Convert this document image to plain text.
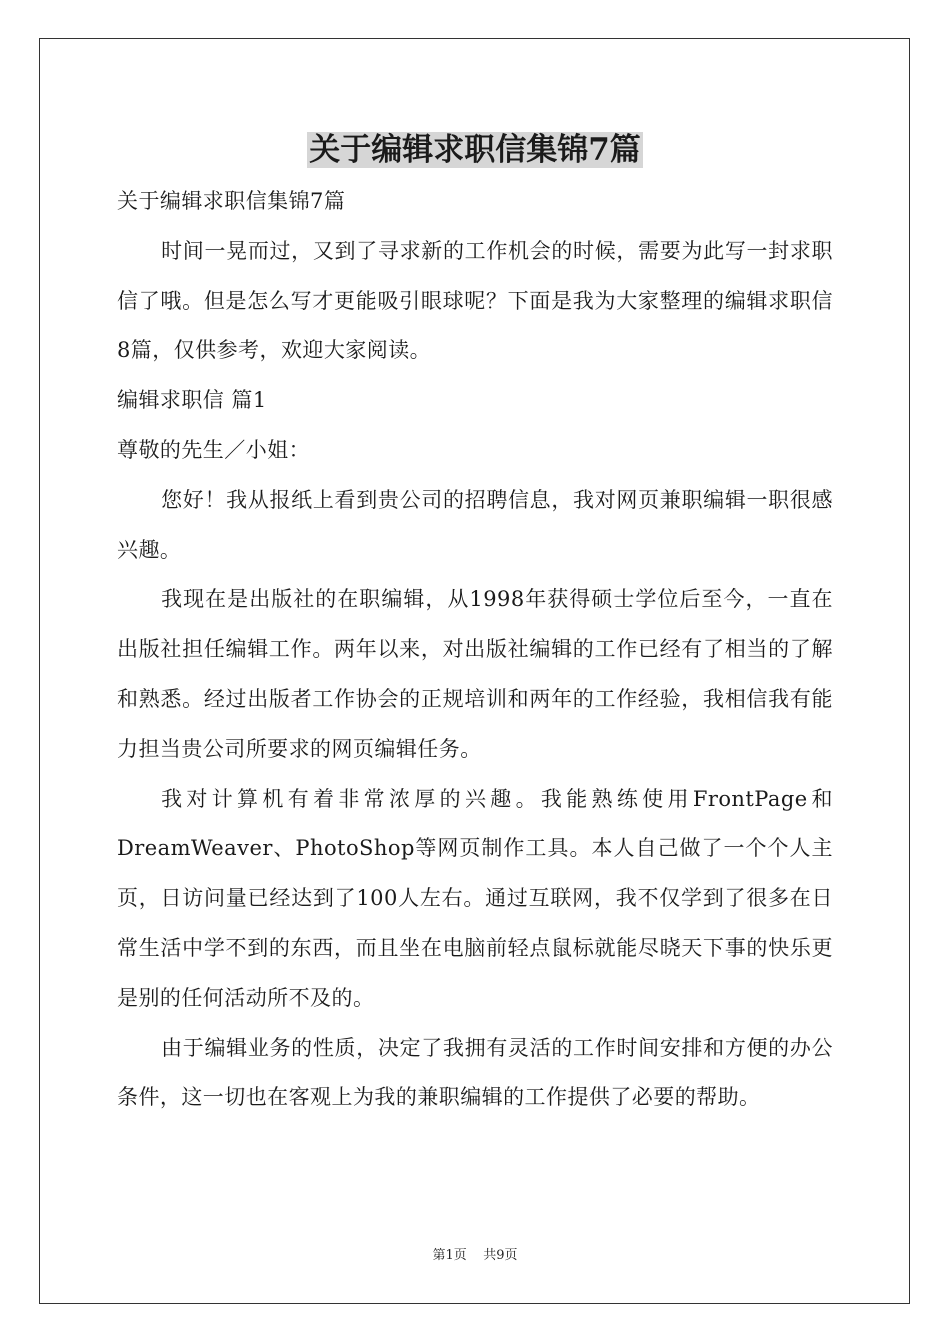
关于编辑求职信集锦7篇

关于编辑求职信集锦7篇

时间一晃而过，又到了寻求新的工作机会的时候，需要为此写一封求职信了哦。但是怎么写才更能吸引眼球呢？下面是我为大家整理的编辑求职信8篇，仅供参考，欢迎大家阅读。

编辑求职信 篇1

尊敬的先生／小姐：

您好！我从报纸上看到贵公司的招聘信息，我对网页兼职编辑一职很感兴趣。

我现在是出版社的在职编辑，从1998年获得硕士学位后至今，一直在出版社担任编辑工作。两年以来，对出版社编辑的工作已经有了相当的了解和熟悉。经过出版者工作协会的正规培训和两年的工作经验，我相信我有能力担当贵公司所要求的网页编辑任务。

我对计算机有着非常浓厚的兴趣。我能熟练使用FrontPage和DreamWeaver、PhotoShop等网页制作工具。本人自己做了一个个人主页，日访问量已经达到了100人左右。通过互联网，我不仅学到了很多在日常生活中学不到的东西，而且坐在电脑前轻点鼠标就能尽晓天下事的快乐更是别的任何活动所不及的。

由于编辑业务的性质，决定了我拥有灵活的工作时间安排和方便的办公条件，这一切也在客观上为我的兼职编辑的工作提供了必要的帮助。

第1页    共9页
